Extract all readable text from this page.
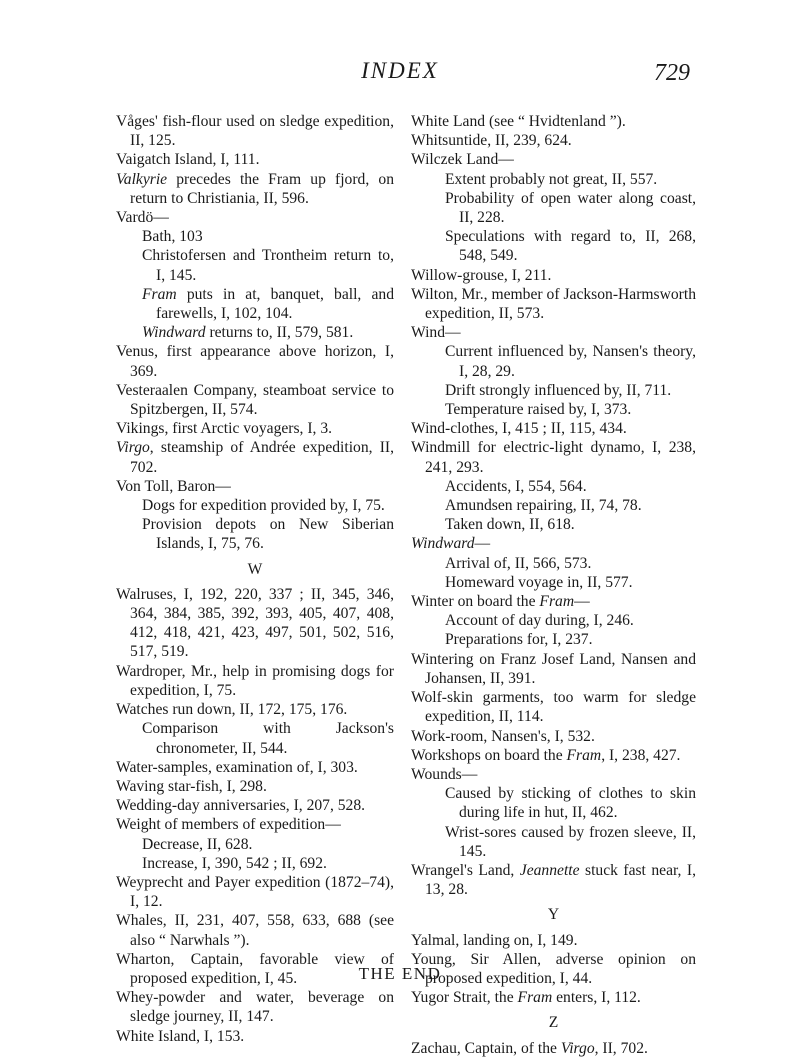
INDEX	729
Våges' fish-flour used on sledge expedition, II, 125.
Vaigatch Island, I, 111.
Valkyrie precedes the Fram up fjord, on return to Christiania, II, 596.
Vardö—
Bath, 103
Christofersen and Trontheim return to, I, 145.
Fram puts in at, banquet, ball, and farewells, I, 102, 104.
Windward returns to, II, 579, 581.
Venus, first appearance above horizon, I, 369.
Vesteraalen Company, steamboat service to Spitzbergen, II, 574.
Vikings, first Arctic voyagers, I, 3.
Virgo, steamship of Andrée expedition, II, 702.
Von Toll, Baron—
Dogs for expedition provided by, I, 75.
Provision depots on New Siberian Islands, I, 75, 76.
W
Walruses, I, 192, 220, 337 ; II, 345, 346, 364, 384, 385, 392, 393, 405, 407, 408, 412, 418, 421, 423, 497, 501, 502, 516, 517, 519.
Wardroper, Mr., help in promising dogs for expedition, I, 75.
Watches run down, II, 172, 175, 176.
Comparison with Jackson's chronometer, II, 544.
Water-samples, examination of, I, 303.
Waving star-fish, I, 298.
Wedding-day anniversaries, I, 207, 528.
Weight of members of expedition—
Decrease, II, 628.
Increase, I, 390, 542 ; II, 692.
Weyprecht and Payer expedition (1872–74), I, 12.
Whales, II, 231, 407, 558, 633, 688 (see also “ Narwhals ”).
Wharton, Captain, favorable view of proposed expedition, I, 45.
Whey-powder and water, beverage on sledge journey, II, 147.
White Island, I, 153.
White Land (see “ Hvidtenland ”).
Whitsuntide, II, 239, 624.
Wilczek Land—
Extent probably not great, II, 557.
Probability of open water along coast, II, 228.
Speculations with regard to, II, 268, 548, 549.
Willow-grouse, I, 211.
Wilton, Mr., member of Jackson-Harmsworth expedition, II, 573.
Wind—
Current influenced by, Nansen's theory, I, 28, 29.
Drift strongly influenced by, II, 711.
Temperature raised by, I, 373.
Wind-clothes, I, 415 ; II, 115, 434.
Windmill for electric-light dynamo, I, 238, 241, 293.
Accidents, I, 554, 564.
Amundsen repairing, II, 74, 78.
Taken down, II, 618.
Windward—
Arrival of, II, 566, 573.
Homeward voyage in, II, 577.
Winter on board the Fram—
Account of day during, I, 246.
Preparations for, I, 237.
Wintering on Franz Josef Land, Nansen and Johansen, II, 391.
Wolf-skin garments, too warm for sledge expedition, II, 114.
Work-room, Nansen's, I, 532.
Workshops on board the Fram, I, 238, 427.
Wounds—
Caused by sticking of clothes to skin during life in hut, II, 462.
Wrist-sores caused by frozen sleeve, II, 145.
Wrangel's Land, Jeannette stuck fast near, I, 13, 28.
Y
Yalmal, landing on, I, 149.
Young, Sir Allen, adverse opinion on proposed expedition, I, 44.
Yugor Strait, the Fram enters, I, 112.
Z
Zachau, Captain, of the Virgo, II, 702.
THE END
